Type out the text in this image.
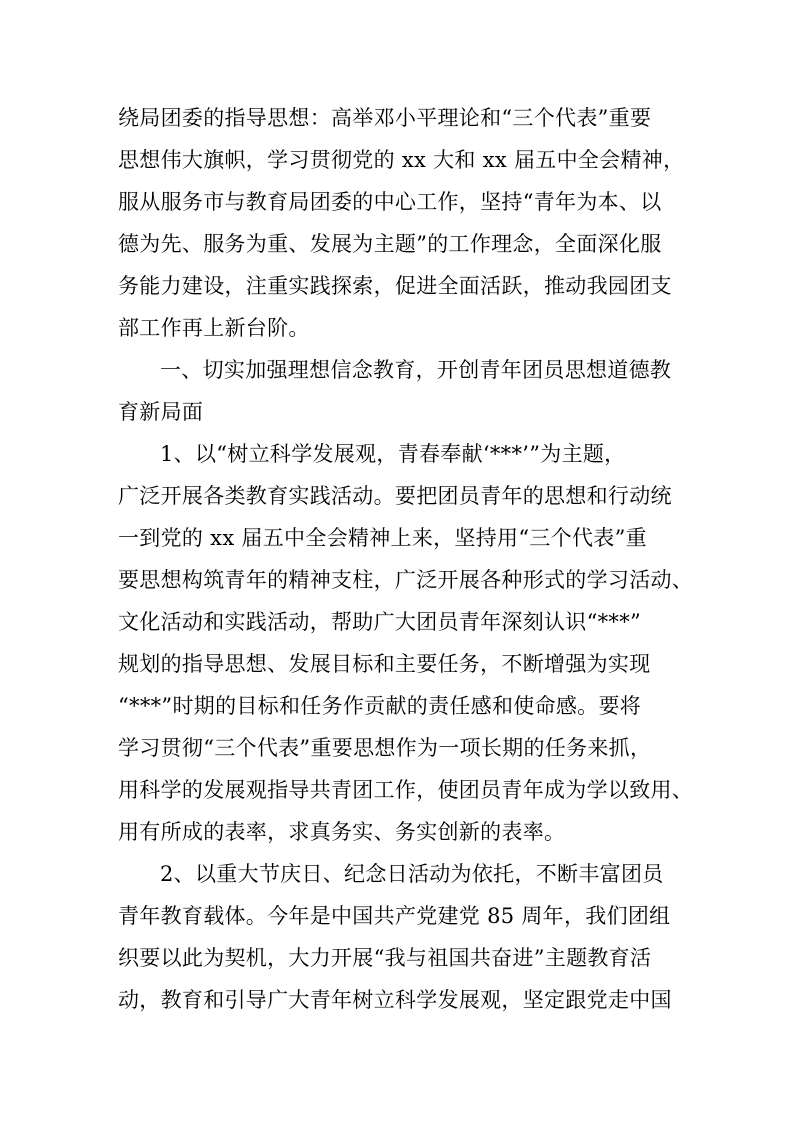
绕局团委的指导思想：高举邓小平理论和“三个代表”重要
思想伟大旗帜，学习贯彻党的 xx 大和 xx 届五中全会精神，
服从服务市与教育局团委的中心工作，坚持“青年为本、以
德为先、服务为重、发展为主题”的工作理念，全面深化服
务能力建设，注重实践探索，促进全面活跃，推动我园团支
部工作再上新台阶。
一、切实加强理想信念教育，开创青年团员思想道德教
育新局面
1、以“树立科学发展观，青春奉献‘***’”为主题，
广泛开展各类教育实践活动。要把团员青年的思想和行动统
一到党的 xx 届五中全会精神上来，坚持用“三个代表”重
要思想构筑青年的精神支柱，广泛开展各种形式的学习活动、
文化活动和实践活动，帮助广大团员青年深刻认识“***”
规划的指导思想、发展目标和主要任务，不断增强为实现
“***”时期的目标和任务作贡献的责任感和使命感。要将
学习贯彻“三个代表”重要思想作为一项长期的任务来抓，
用科学的发展观指导共青团工作，使团员青年成为学以致用、
用有所成的表率，求真务实、务实创新的表率。
2、以重大节庆日、纪念日活动为依托，不断丰富团员
青年教育载体。今年是中国共产党建党 85 周年，我们团组
织要以此为契机，大力开展“我与祖国共奋进”主题教育活
动，教育和引导广大青年树立科学发展观，坚定跟党走中国
